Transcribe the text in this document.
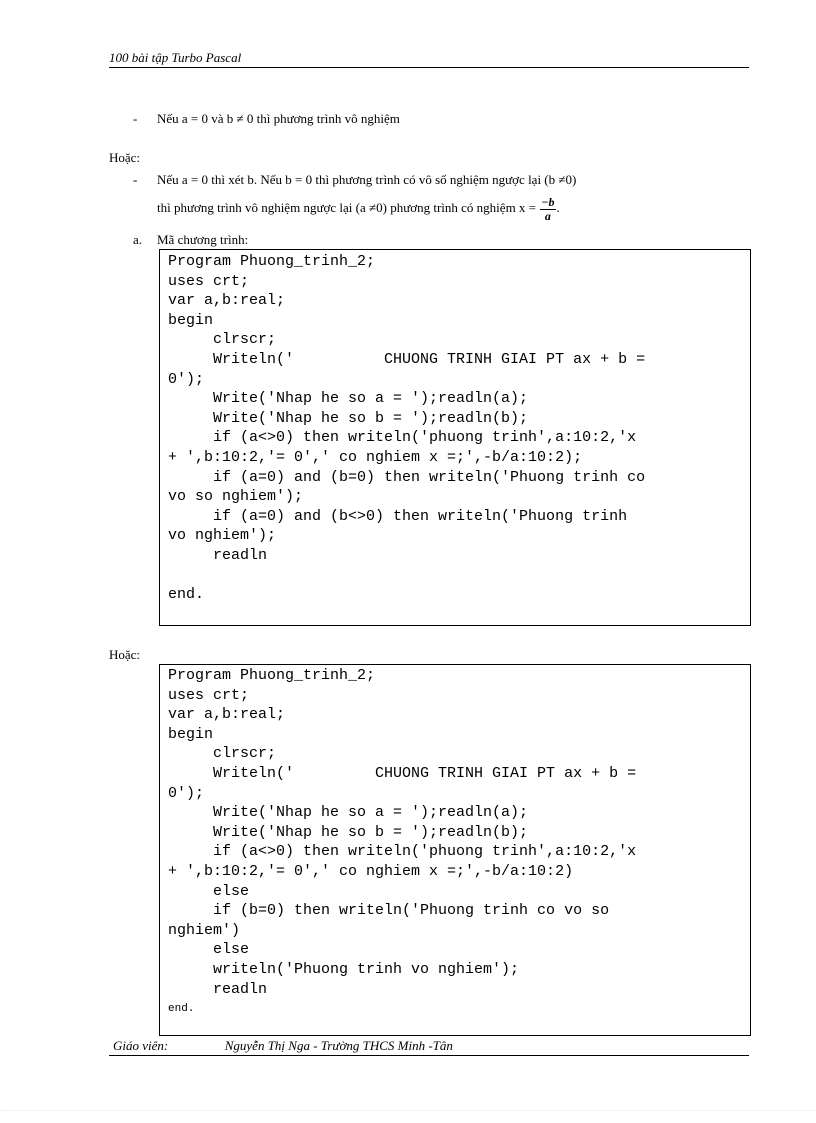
100 bài tập Turbo Pascal
- Nếu a = 0 và b ≠ 0 thì phương trình vô nghiệm
Hoặc:
- Nếu a = 0 thì xét b. Nếu b = 0 thì phương trình có vô số nghiệm ngược lại (b ≠0)
thì phương trình vô nghiệm ngược lại (a ≠0) phương trình có nghiệm $x = \frac{-b}{a}$ .
a. Mã chương trình:
Program Phuong_trinh_2;
uses crt;
var a,b:real;
begin
clrscr;
Writeln('          CHUONG TRINH GIAI PT ax + b =
0');
Write('Nhap he so a = ');readln(a);
Write('Nhap he so b = ');readln(b);
if (a<>0) then writeln('phuong trinh',a:10:2,'x
+ ',b:10:2,'= 0',' co nghiem x =;',-b/a:10:2);
if (a=0) and (b=0) then writeln('Phuong trinh co
vo so nghiem');
if (a=0) and (b<>0) then writeln('Phuong trinh
vo nghiem');
readln

end.
Hoặc:
Program Phuong_trinh_2;
uses crt;
var a,b:real;
begin
clrscr;
Writeln('         CHUONG TRINH GIAI PT ax + b =
0');
Write('Nhap he so a = ');readln(a);
Write('Nhap he so b = ');readln(b);
if (a<>0) then writeln('phuong trinh',a:10:2,'x
+ ',b:10:2,'= 0',' co nghiem x =;',-b/a:10:2)
else
if (b=0) then writeln('Phuong trinh co vo so
nghiem')
else
writeln('Phuong trinh vo nghiem');
readln
end.
Giáo viên:	Nguyễn Thị Nga - Trường THCS Minh -Tân
